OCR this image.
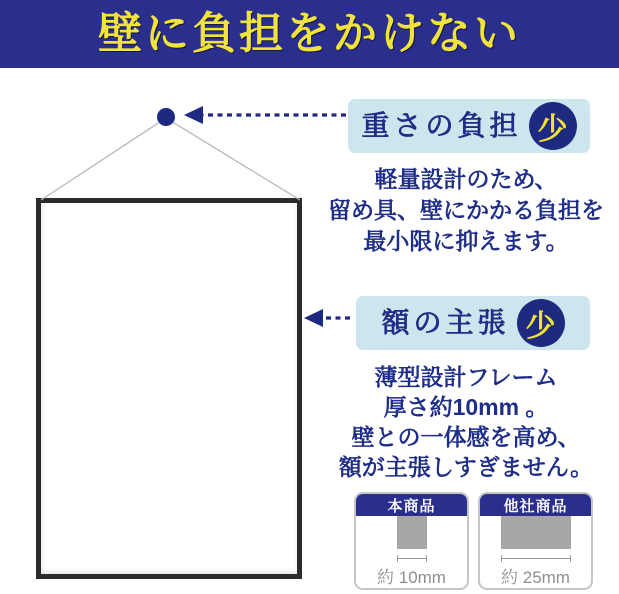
壁に負担をかけない
重さの負担 少

軽量設計のため、

留め具、壁にかかる負担を

最小限に抑えます。

額の主張 少

薄型設計フレーム

厚さ約10mm 。

壁との一体感を高め、

額が主張しすぎません。

本商品
約 10mm
他社商品
約 25mm
